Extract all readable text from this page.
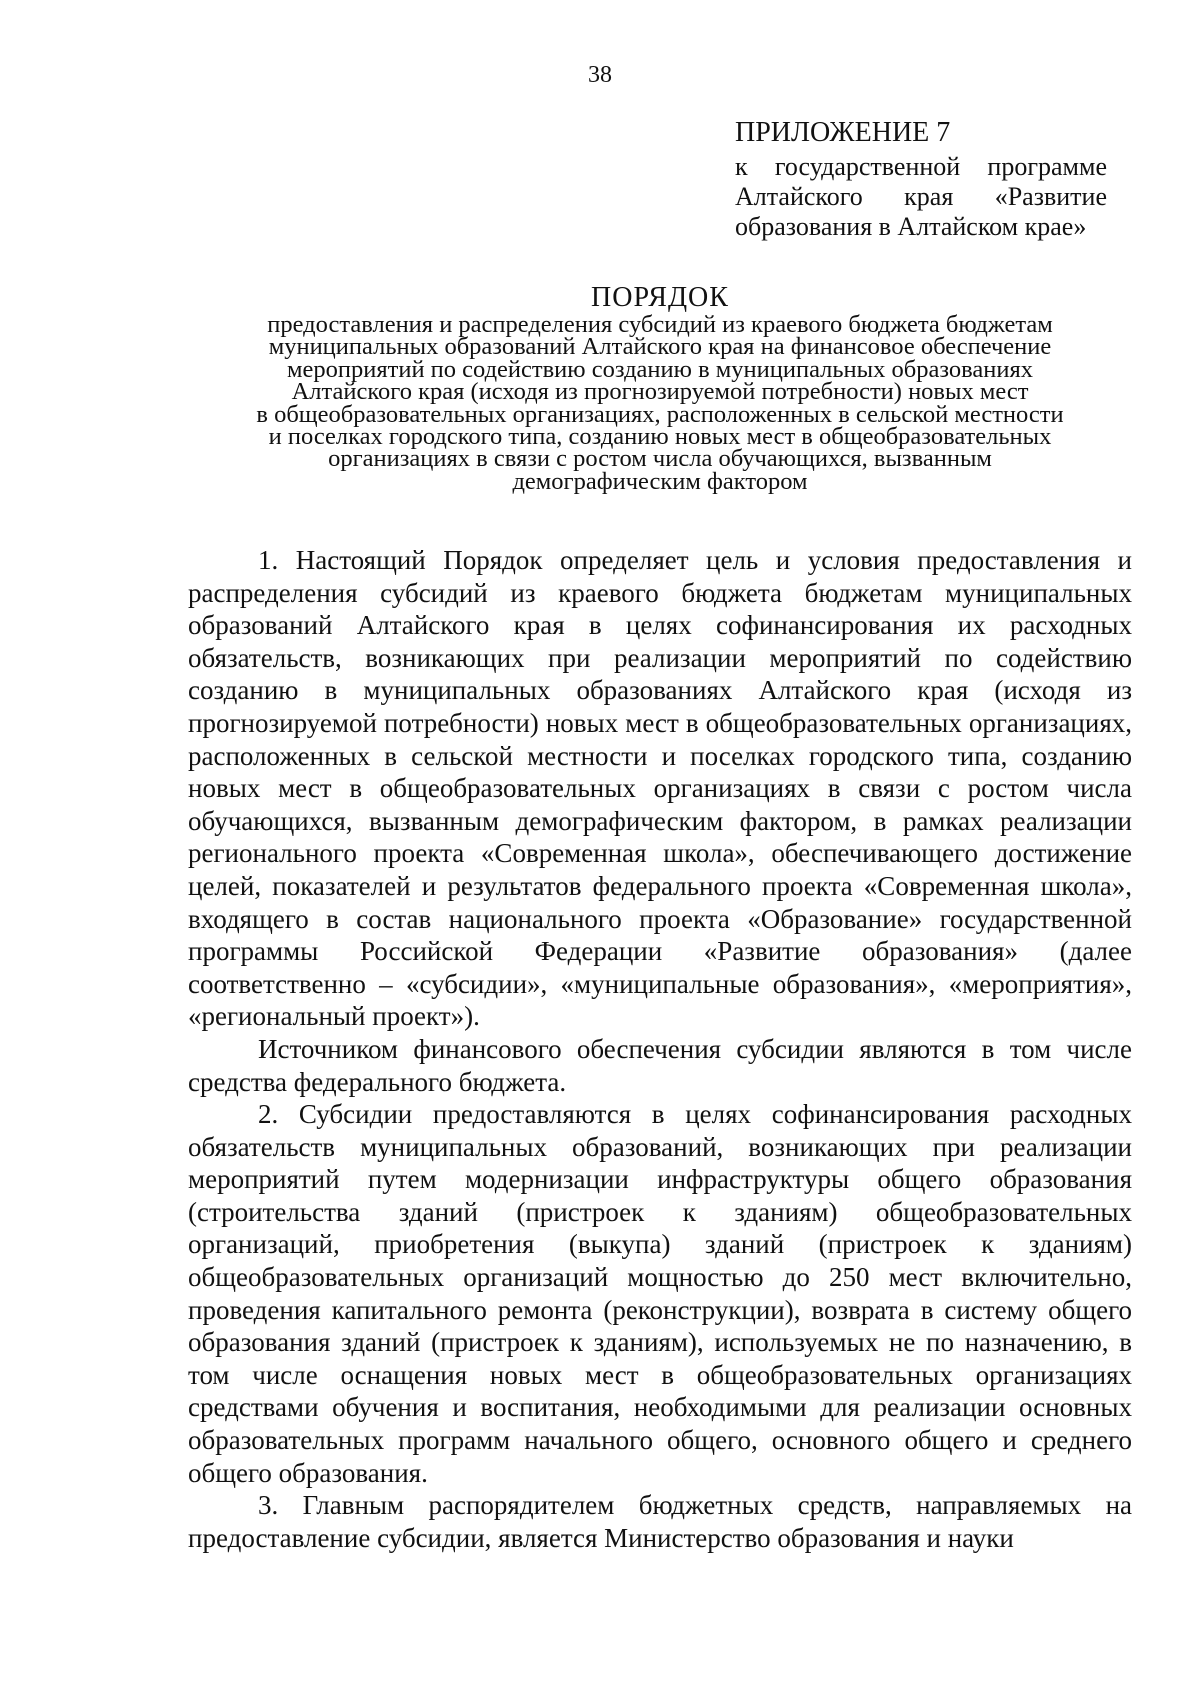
38
ПРИЛОЖЕНИЕ 7
к государственной программе
Алтайского края «Развитие
образования в Алтайском крае»
ПОРЯДОК
предоставления и распределения субсидий из краевого бюджета бюджетам
муниципальных образований Алтайского края на финансовое обеспечение
мероприятий по содействию созданию в муниципальных образованиях
Алтайского края (исходя из прогнозируемой потребности) новых мест
в общеобразовательных организациях, расположенных в сельской местности
и поселках городского типа, созданию новых мест в общеобразовательных
организациях в связи с ростом числа обучающихся, вызванным
демографическим фактором

1. Настоящий Порядок определяет цель и условия предоставления и распределения субсидий из краевого бюджета бюджетам муниципальных образований Алтайского края в целях софинансирования их расходных обязательств, возникающих при реализации мероприятий по содействию созданию в муниципальных образованиях Алтайского края (исходя из прогнозируемой потребности) новых мест в общеобразовательных организациях, расположенных в сельской местности и поселках городского типа, созданию новых мест в общеобразовательных организациях в связи с ростом числа обучающихся, вызванным демографическим фактором, в рамках реализации регионального проекта «Современная школа», обеспечивающего достижение целей, показателей и результатов федерального проекта «Современная школа», входящего в состав национального проекта «Образование» государственной программы Российской Федерации «Развитие образования» (далее соответственно – «субсидии», «муниципальные образования», «мероприятия», «региональный проект»).

Источником финансового обеспечения субсидии являются в том числе средства федерального бюджета.

2. Субсидии предоставляются в целях софинансирования расходных обязательств муниципальных образований, возникающих при реализации мероприятий путем модернизации инфраструктуры общего образования (строительства зданий (пристроек к зданиям) общеобразовательных организаций, приобретения (выкупа) зданий (пристроек к зданиям) общеобразовательных организаций мощностью до 250 мест включительно, проведения капитального ремонта (реконструкции), возврата в систему общего образования зданий (пристроек к зданиям), используемых не по назначению, в том числе оснащения новых мест в общеобразовательных организациях средствами обучения и воспитания, необходимыми для реализации основных образовательных программ начального общего, основного общего и среднего общего образования.

3. Главным распорядителем бюджетных средств, направляемых на предоставление субсидии, является Министерство образования и науки
